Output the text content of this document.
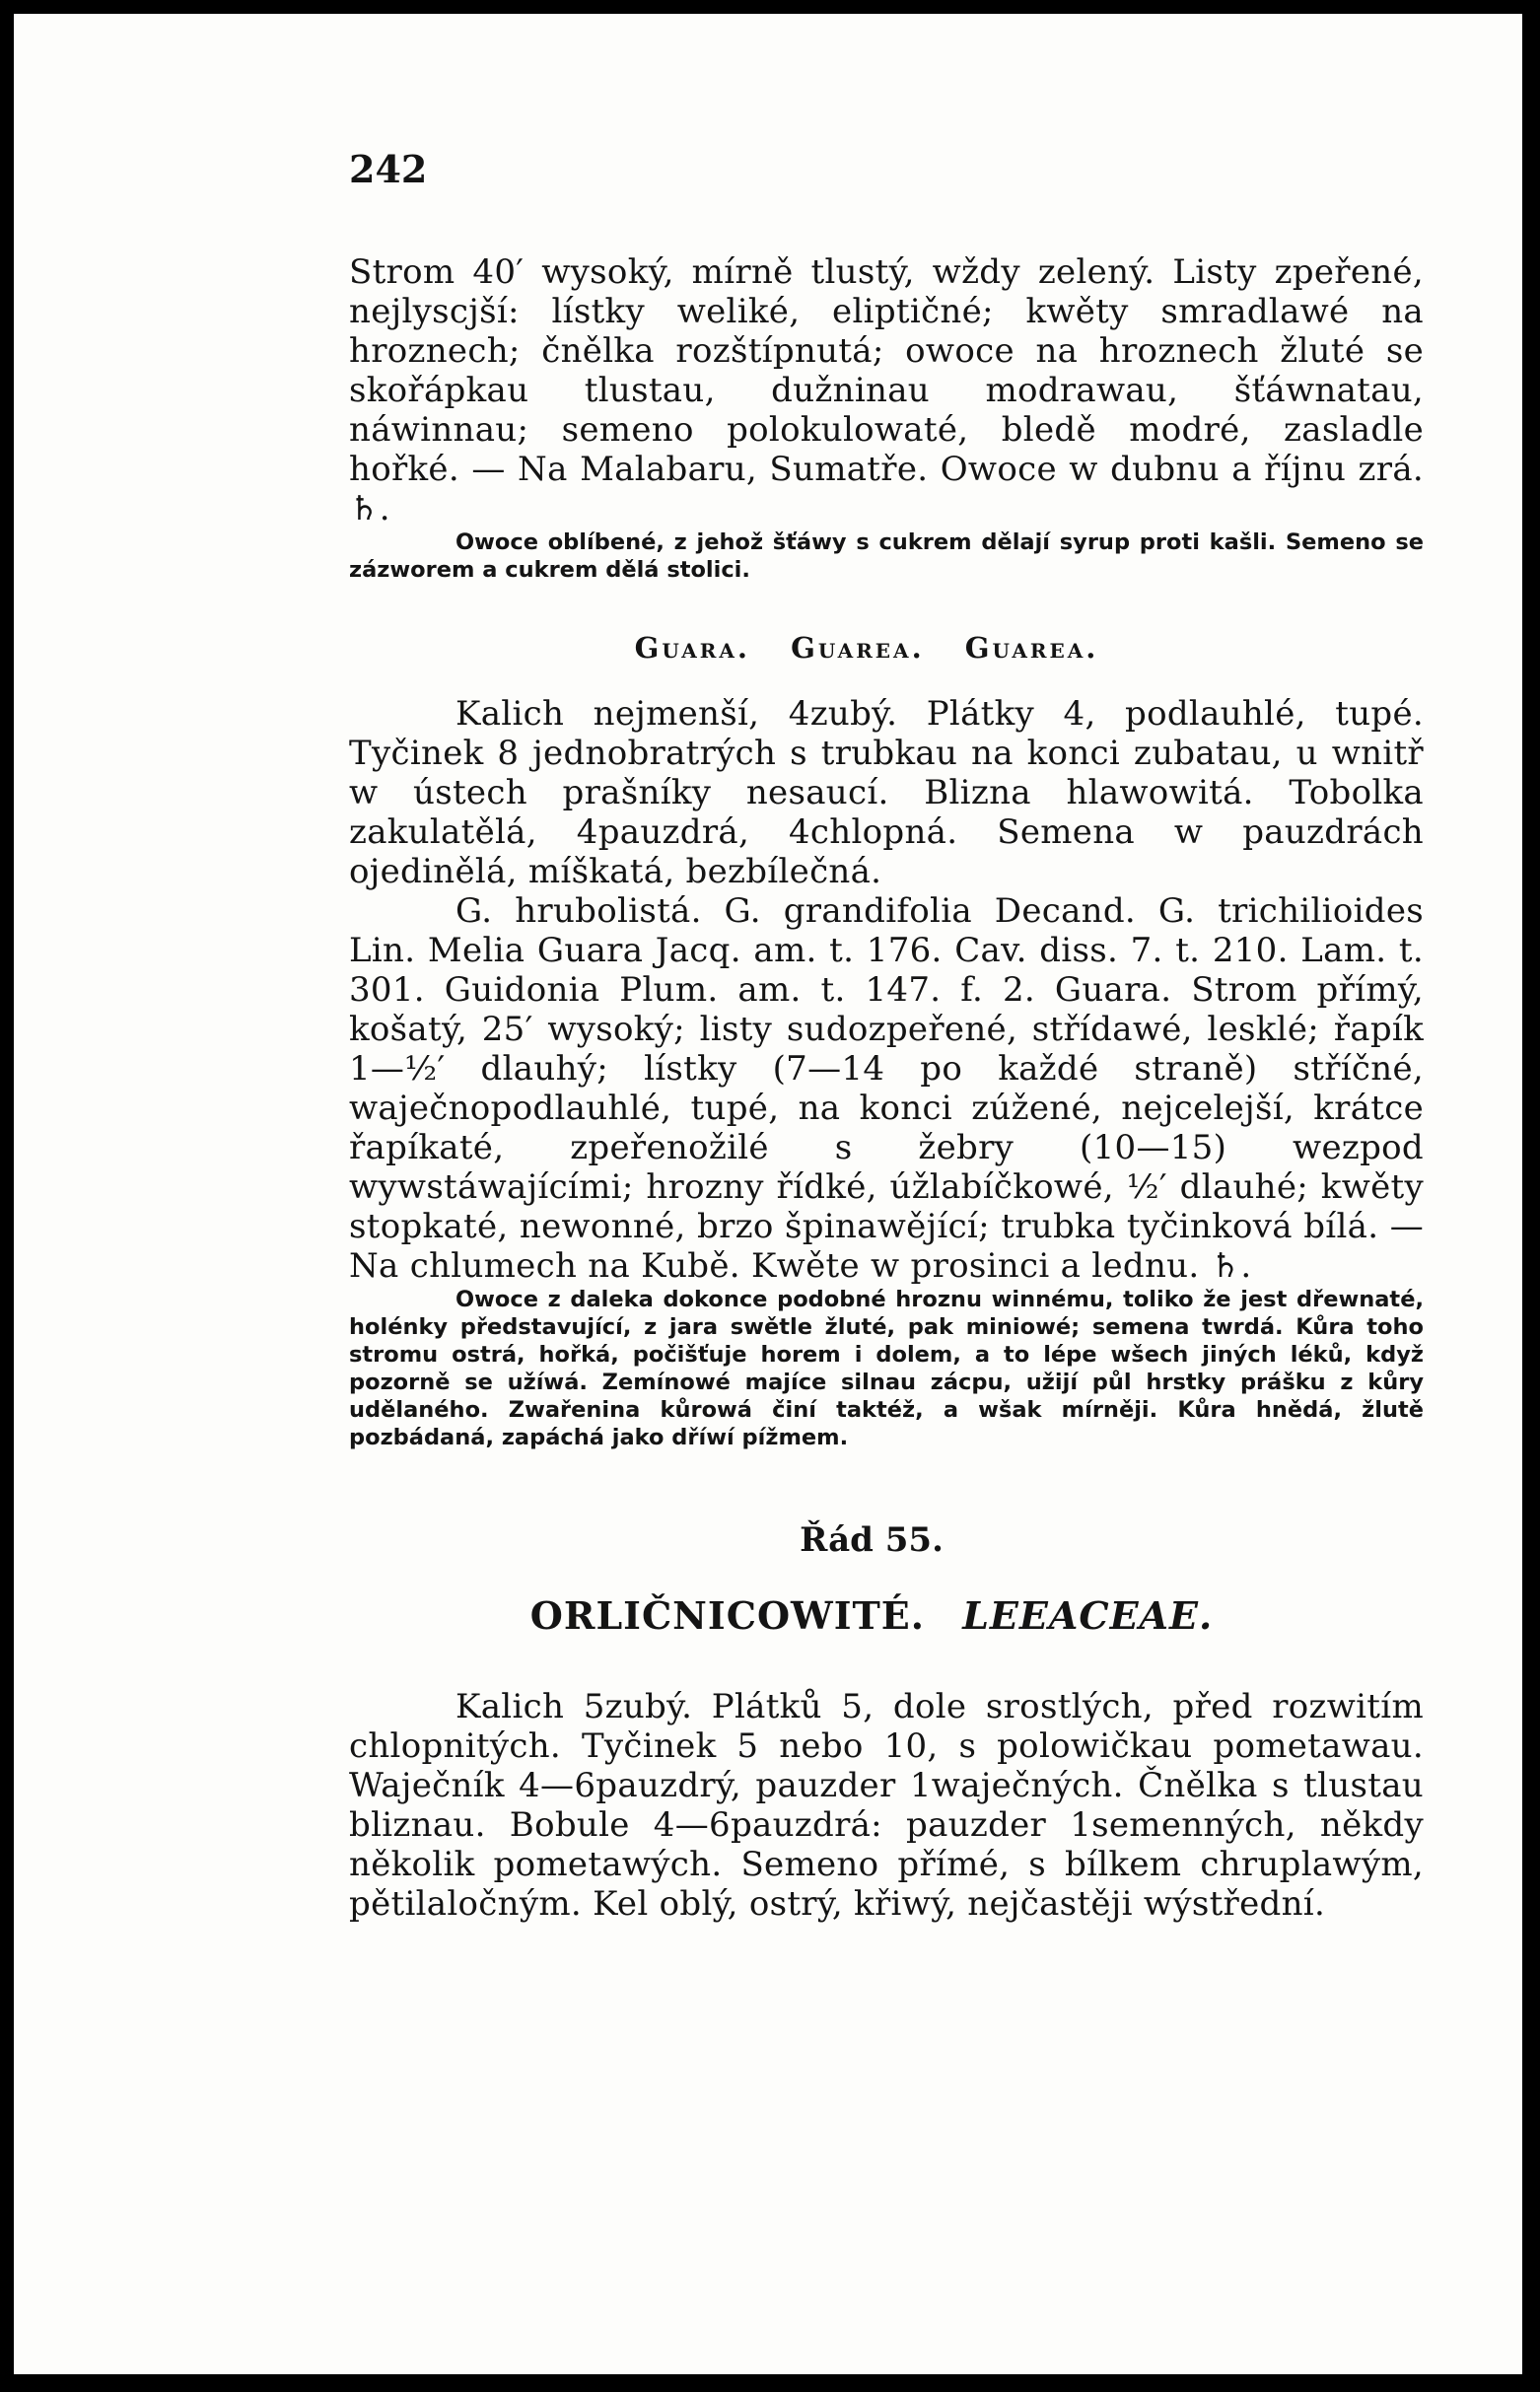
242

Strom 40′ wysoký, mírně tlustý, wždy zelený. Listy zpeřené, nejlyscjší: lístky weliké, eliptičné; kwěty smradlawé na hroznech; čnělka rozštípnutá; owoce na hroznech žluté se skořápkau tlustau, dužninau modrawau, šťáwnatau, náwinnau; semeno polokulowaté, bledě modré, zasladle hořké. — Na Malabaru, Sumatře. Owoce w dubnu a říjnu zrá. ♄.

Owoce oblíbené, z jehož šťáwy s cukrem dělají syrup proti kašli. Semeno se zázworem a cukrem dělá stolici.

Guara. Guarea. Guarea.

Kalich nejmenší, 4zubý. Plátky 4, podlauhlé, tupé. Tyčinek 8 jednobratrých s trubkau na konci zubatau, u wnitř w ústech prašníky nesaucí. Blizna hlawowitá. Tobolka zakulatělá, 4pauzdrá, 4chlopná. Semena w pauzdrách ojedinělá, míškatá, bezbílečná.

G. hrubolistá. G. grandifolia Decand. G. trichilioides Lin. Melia Guara Jacq. am. t. 176. Cav. diss. 7. t. 210. Lam. t. 301. Guidonia Plum. am. t. 147. f. 2. Guara. Strom přímý, košatý, 25′ wysoký; listy sudozpeřené, střídawé, lesklé; řapík 1—½′ dlauhý; lístky (7—14 po každé straně) stříčné, waječnopodlauhlé, tupé, na konci zúžené, nejcelejší, krátce řapíkaté, zpeřenožilé s žebry (10—15) wezpod wywstáwajícími; hrozny řídké, úžlabíčkowé, ½′ dlauhé; kwěty stopkaté, newonné, brzo špinawějící; trubka tyčinková bílá. — Na chlumech na Kubě. Kwěte w prosinci a lednu. ♄.

Owoce z daleka dokonce podobné hroznu winnému, toliko že jest dřewnaté, holénky představující, z jara swětle žluté, pak miniowé; semena twrdá. Kůra toho stromu ostrá, hořká, počišťuje horem i dolem, a to lépe wšech jiných léků, když pozorně se užíwá. Zemínowé majíce silnau zácpu, užijí půl hrstky prášku z kůry udělaného. Zwařenina kůrowá činí taktéž, a wšak mírněji. Kůra hnědá, žlutě pozbádaná, zapáchá jako dříwí pížmem.

Řád 55.
ORLIČNICOWITÉ. LEEACEAE.

Kalich 5zubý. Plátků 5, dole srostlých, před rozwitím chlopnitých. Tyčinek 5 nebo 10, s polowičkau pometawau. Waječník 4—6pauzdrý, pauzder 1waječných. Čnělka s tlustau bliznau. Bobule 4—6pauzdrá: pauzder 1semenných, někdy několik pometawých. Semeno přímé, s bílkem chruplawým, pětilaločným. Kel oblý, ostrý, křiwý, nejčastěji wýstřední.
